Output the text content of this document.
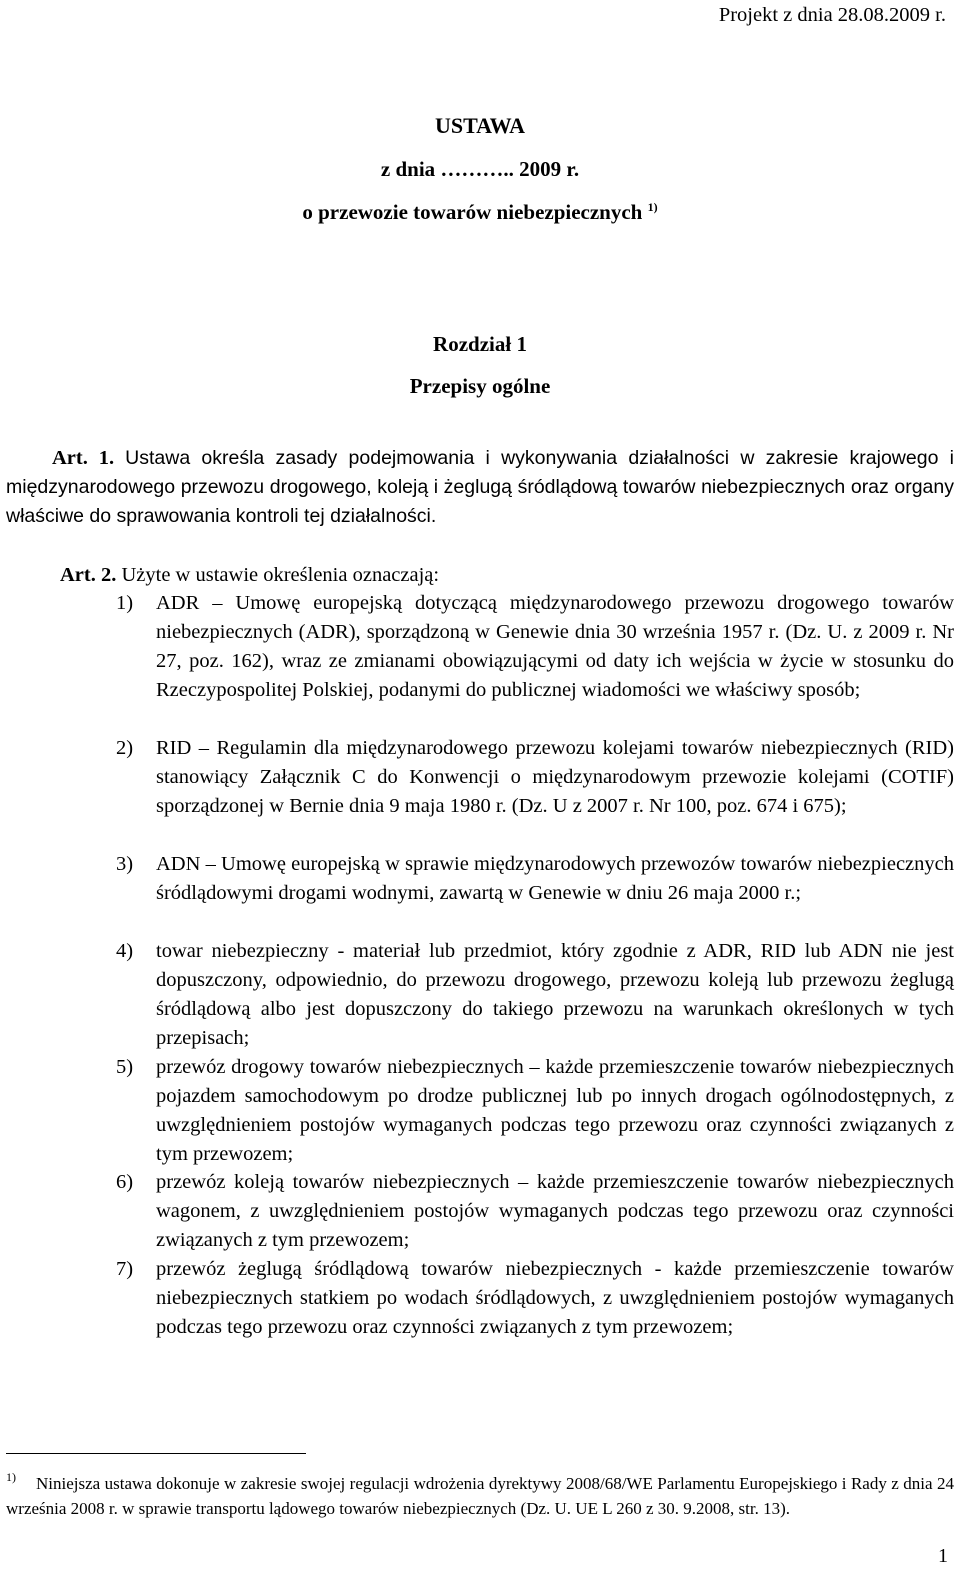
Projekt z dnia 28.08.2009 r.
USTAWA
z dnia ……….. 2009 r.
o przewozie towarów niebezpiecznych $^{1)}$
Rozdział 1
Przepisy ogólne
Art. 1. Ustawa określa zasady podejmowania i wykonywania działalności w zakresie krajowego i międzynarodowego przewozu drogowego, koleją i żeglugą śródlądową towarów niebezpiecznych oraz organy właściwe do sprawowania kontroli tej działalności.
Art. 2. Użyte w ustawie określenia oznaczają:
1)	ADR – Umowę europejską dotyczącą międzynarodowego przewozu drogowego towarów niebezpiecznych (ADR), sporządzoną w Genewie dnia 30 września 1957 r. (Dz. U. z 2009 r. Nr 27, poz. 162), wraz ze zmianami obowiązującymi od daty ich wejścia w życie w stosunku do Rzeczypospolitej Polskiej, podanymi do publicznej wiadomości we właściwy sposób;
2)	RID – Regulamin dla międzynarodowego przewozu kolejami towarów niebezpiecznych (RID) stanowiący Załącznik C do Konwencji o międzynarodowym przewozie kolejami (COTIF) sporządzonej w Bernie dnia 9 maja 1980 r. (Dz. U z 2007 r. Nr 100, poz. 674 i 675);
3)	ADN – Umowę europejską w sprawie międzynarodowych przewozów towarów niebezpiecznych śródlądowymi drogami wodnymi, zawartą w Genewie w dniu 26 maja 2000 r.;
4)	towar niebezpieczny - materiał lub przedmiot, który zgodnie z ADR, RID lub ADN nie jest dopuszczony, odpowiednio, do przewozu drogowego, przewozu koleją lub przewozu żeglugą śródlądową albo jest dopuszczony do takiego przewozu na warunkach określonych w tych przepisach;
5)	przewóz drogowy towarów niebezpiecznych – każde przemieszczenie towarów niebezpiecznych pojazdem samochodowym po drodze publicznej lub po innych drogach ogólnodostępnych, z uwzględnieniem postojów wymaganych podczas tego przewozu oraz czynności związanych z tym przewozem;
6)	przewóz koleją towarów niebezpiecznych – każde przemieszczenie towarów niebezpiecznych wagonem, z uwzględnieniem postojów wymaganych podczas tego przewozu oraz czynności związanych z tym przewozem;
7)	przewóz żeglugą śródlądową towarów niebezpiecznych - każde przemieszczenie towarów niebezpiecznych statkiem po wodach śródlądowych, z uwzględnieniem postojów wymaganych podczas tego przewozu oraz czynności związanych z tym przewozem;
$^{1)}$ Niniejsza ustawa dokonuje w zakresie swojej regulacji wdrożenia dyrektywy 2008/68/WE Parlamentu Europejskiego i Rady z dnia 24 września 2008 r. w sprawie transportu lądowego towarów niebezpiecznych (Dz. U. UE L 260 z 30. 9.2008, str. 13).
1
